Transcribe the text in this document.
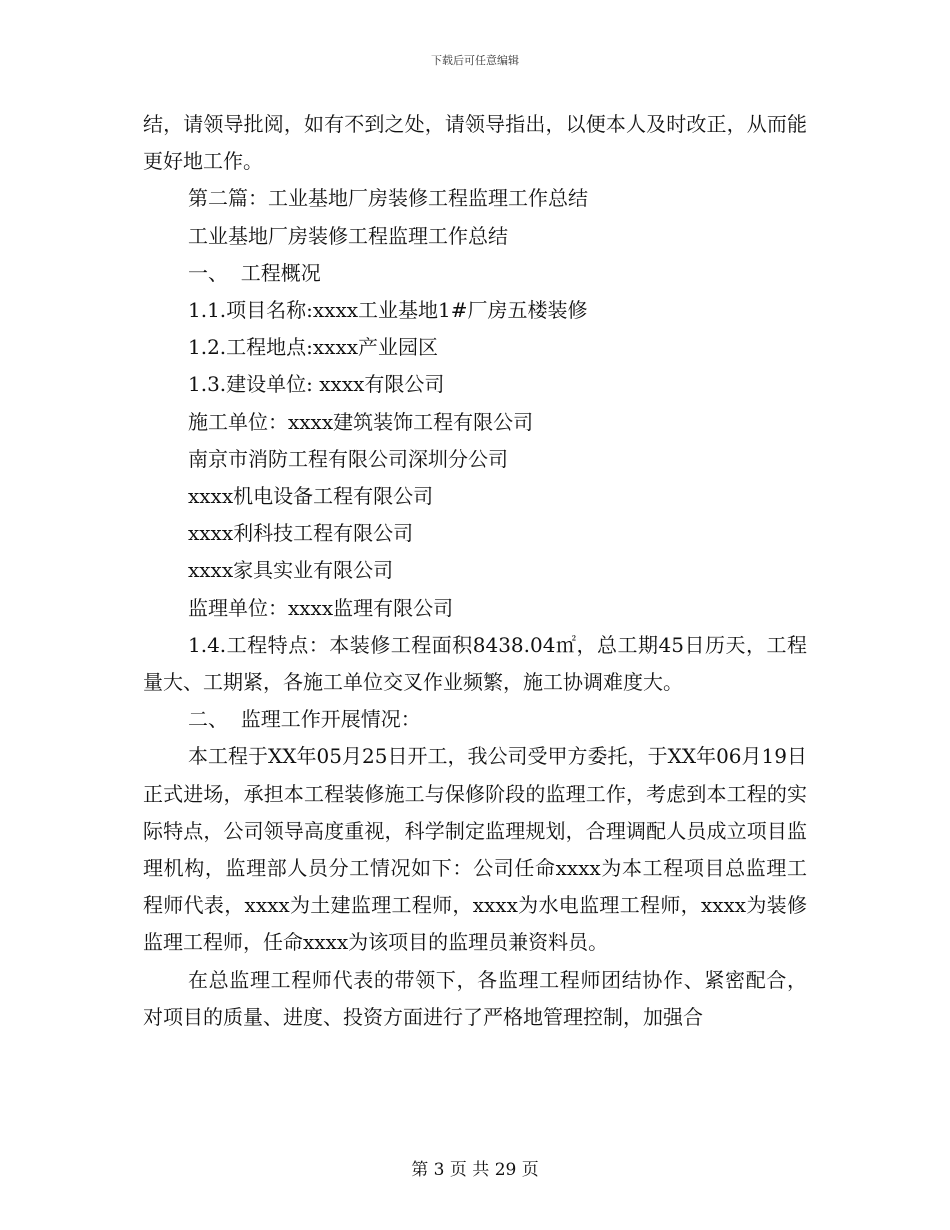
下载后可任意编辑

结，请领导批阅，如有不到之处，请领导指出，以便本人及时改正，从而能更好地工作。

第二篇：工业基地厂房装修工程监理工作总结

工业基地厂房装修工程监理工作总结

一、  工程概况

1.1.项目名称:xxxx工业基地1#厂房五楼装修

1.2.工程地点:xxxx产业园区

1.3.建设单位: xxxx有限公司

施工单位：xxxx建筑装饰工程有限公司

南京市消防工程有限公司深圳分公司

xxxx机电设备工程有限公司

xxxx利科技工程有限公司

xxxx家具实业有限公司

监理单位：xxxx监理有限公司

1.4.工程特点：本装修工程面积8438.04㎡，总工期45日历天，工程量大、工期紧，各施工单位交叉作业频繁，施工协调难度大。

二、  监理工作开展情况：

本工程于XX年05月25日开工，我公司受甲方委托，于XX年06月19日正式进场，承担本工程装修施工与保修阶段的监理工作，考虑到本工程的实际特点，公司领导高度重视，科学制定监理规划，合理调配人员成立项目监理机构，监理部人员分工情况如下：公司任命xxxx为本工程项目总监理工程师代表，xxxx为土建监理工程师，xxxx为水电监理工程师，xxxx为装修监理工程师，任命xxxx为该项目的监理员兼资料员。

在总监理工程师代表的带领下，各监理工程师团结协作、紧密配合，对项目的质量、进度、投资方面进行了严格地管理控制，加强合

第 3 页 共 29 页
